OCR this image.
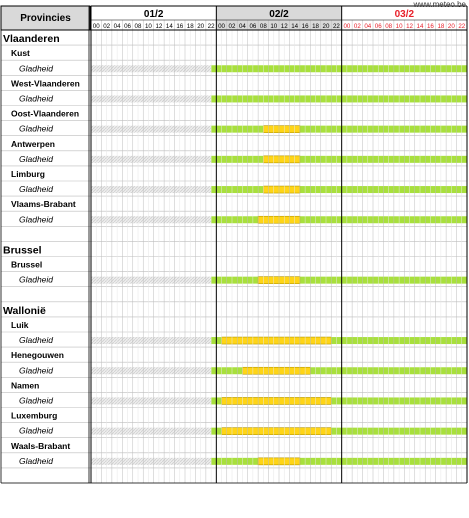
www.meteo.be
Provincies	01/2
00 02 04 06 08 10 12 14 16 18 20 22
02/2
00 02 04 06 08 10 12 14 16 18 20 22
03/2
00 02 04 06 08 10 12 14 16 18 20 22
Vlaanderen
Kust
Gladheid
West-Vlaanderen
Gladheid
Oost-Vlaanderen
Gladheid
Antwerpen
Gladheid
Limburg
Gladheid
Vlaams-Brabant
Gladheid
Brussel
Brussel
Gladheid
Wallonië
Luik
Gladheid
Henegouwen
Gladheid
Namen
Gladheid
Luxemburg
Gladheid
Waals-Brabant
Gladheid
